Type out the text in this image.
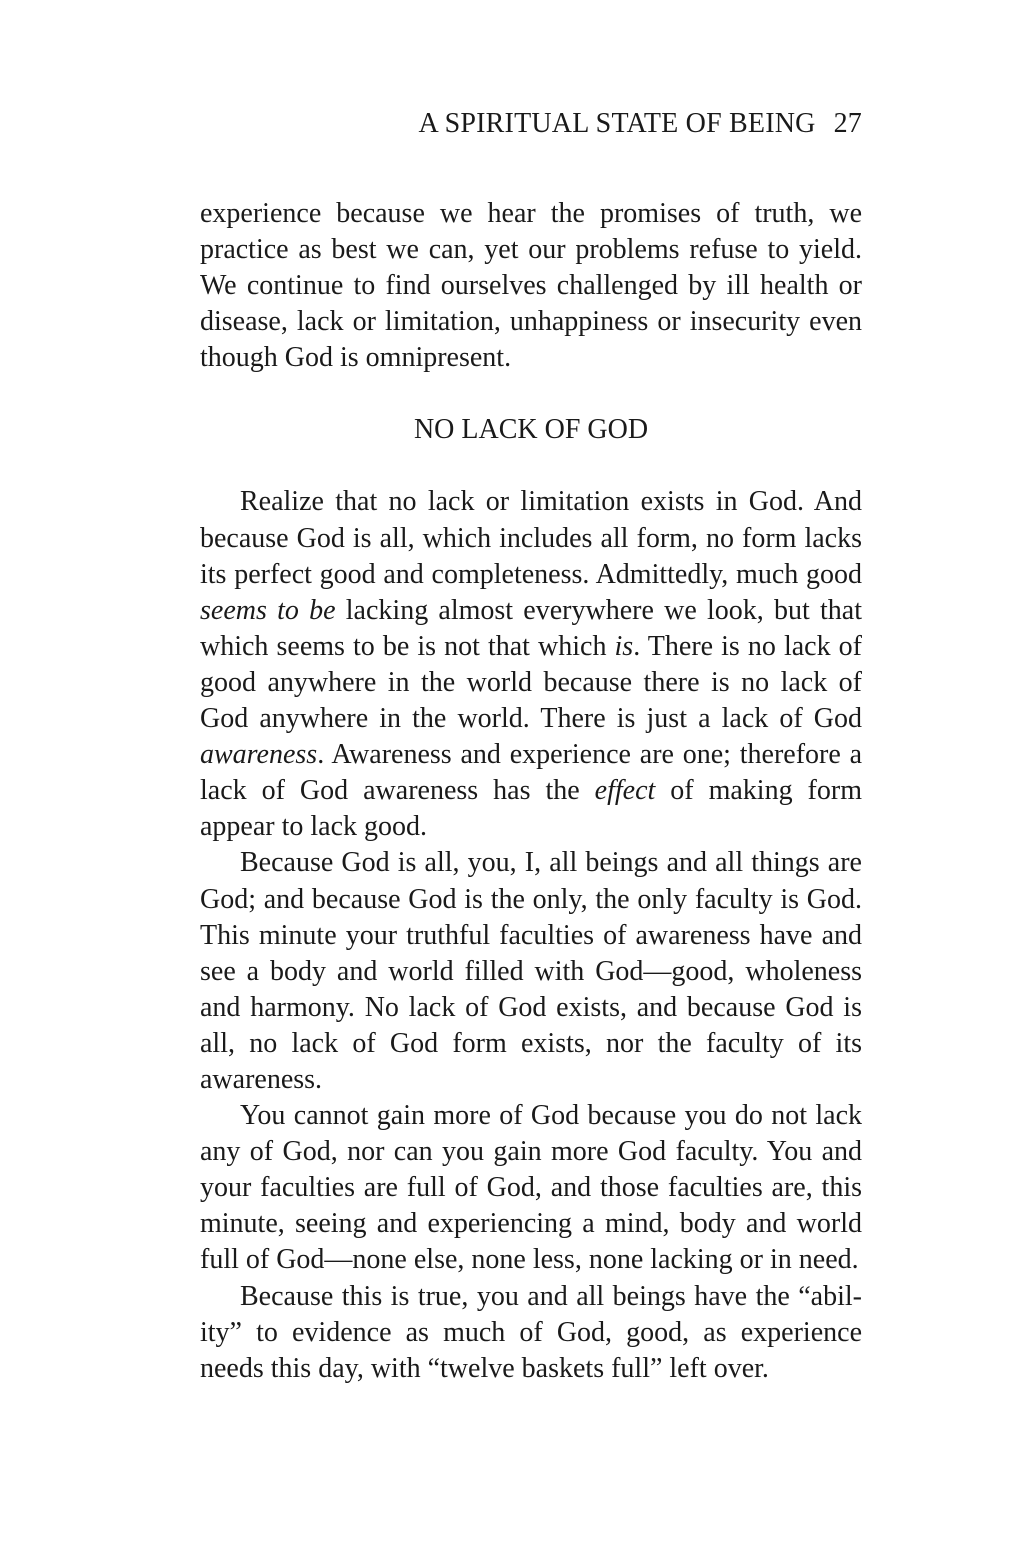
A SPIRITUAL STATE OF BEING 27

experience because we hear the promises of truth, we practice as best we can, yet our problems refuse to yield. We continue to find ourselves challenged by ill health or disease, lack or limitation, unhappiness or insecurity even though God is omnipresent.

NO LACK OF GOD

Realize that no lack or limitation exists in God. And because God is all, which includes all form, no form lacks its perfect good and completeness. Admittedly, much good seems to be lacking almost everywhere we look, but that which seems to be is not that which is. There is no lack of good anywhere in the world because there is no lack of God anywhere in the world. There is just a lack of God awareness. Awareness and experience are one; therefore a lack of God awareness has the effect of making form appear to lack good.

Because God is all, you, I, all beings and all things are God; and because God is the only, the only faculty is God. This minute your truthful faculties of awareness have and see a body and world filled with God—good, wholeness and harmony. No lack of God exists, and because God is all, no lack of God form exists, nor the faculty of its awareness.

You cannot gain more of God because you do not lack any of God, nor can you gain more God faculty. You and your faculties are full of God, and those faculties are, this minute, seeing and experiencing a mind, body and world full of God—none else, none less, none lacking or in need.

Because this is true, you and all beings have the “ability” to evidence as much of God, good, as experience needs this day, with “twelve baskets full” left over.
